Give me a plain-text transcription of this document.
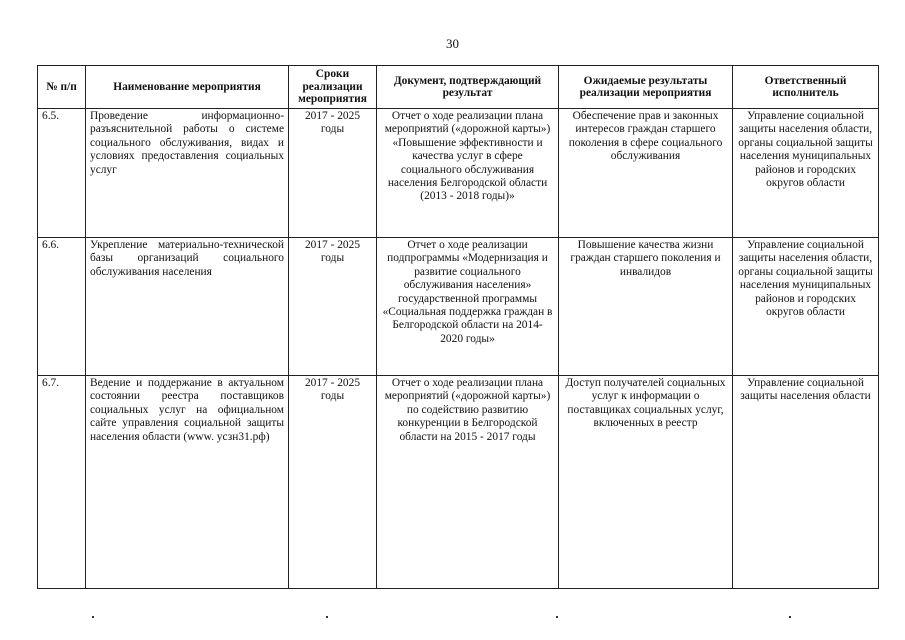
30
№ п/п	Наименование мероприятия	Сроки реализации мероприятия	Документ, подтверждающий результат	Ожидаемые результаты реализации мероприятия	Ответственный исполнитель
6.5.	Проведение информационно-разъяснительной работы о системе социального обслуживания, видах и условиях предоставления социальных услуг	2017 - 2025 годы	Отчет о ходе реализации плана мероприятий («дорожной карты») «Повышение эффективности и качества услуг в сфере социального обслуживания населения Белгородской области (2013 - 2018 годы)»	Обеспечение прав и законных интересов граждан старшего поколения в сфере социального обслуживания	Управление социальной защиты населения области, органы социальной защиты населения муниципальных районов и городских округов области
6.6.	Укрепление материально-технической базы организаций социального обслуживания населения	2017 - 2025 годы	Отчет о ходе реализации подпрограммы «Модернизация и развитие социального обслуживания населения» государственной программы «Социальная поддержка граждан в Белгородской области на 2014-2020 годы»	Повышение качества жизни граждан старшего поколения и инвалидов	Управление социальной защиты населения области, органы социальной защиты населения муниципальных районов и городских округов области
6.7.	Ведение и поддержание в актуальном состоянии реестра поставщиков социальных услуг на официальном сайте управления социальной защиты населения области (www. усзн31.рф)	2017 - 2025 годы	Отчет о ходе реализации плана мероприятий («дорожной карты») по содействию развитию конкуренции в Белгородской области на 2015 - 2017 годы	Доступ получателей социальных услуг к информации о поставщиках социальных услуг, включенных в реестр	Управление социальной защиты населения области
